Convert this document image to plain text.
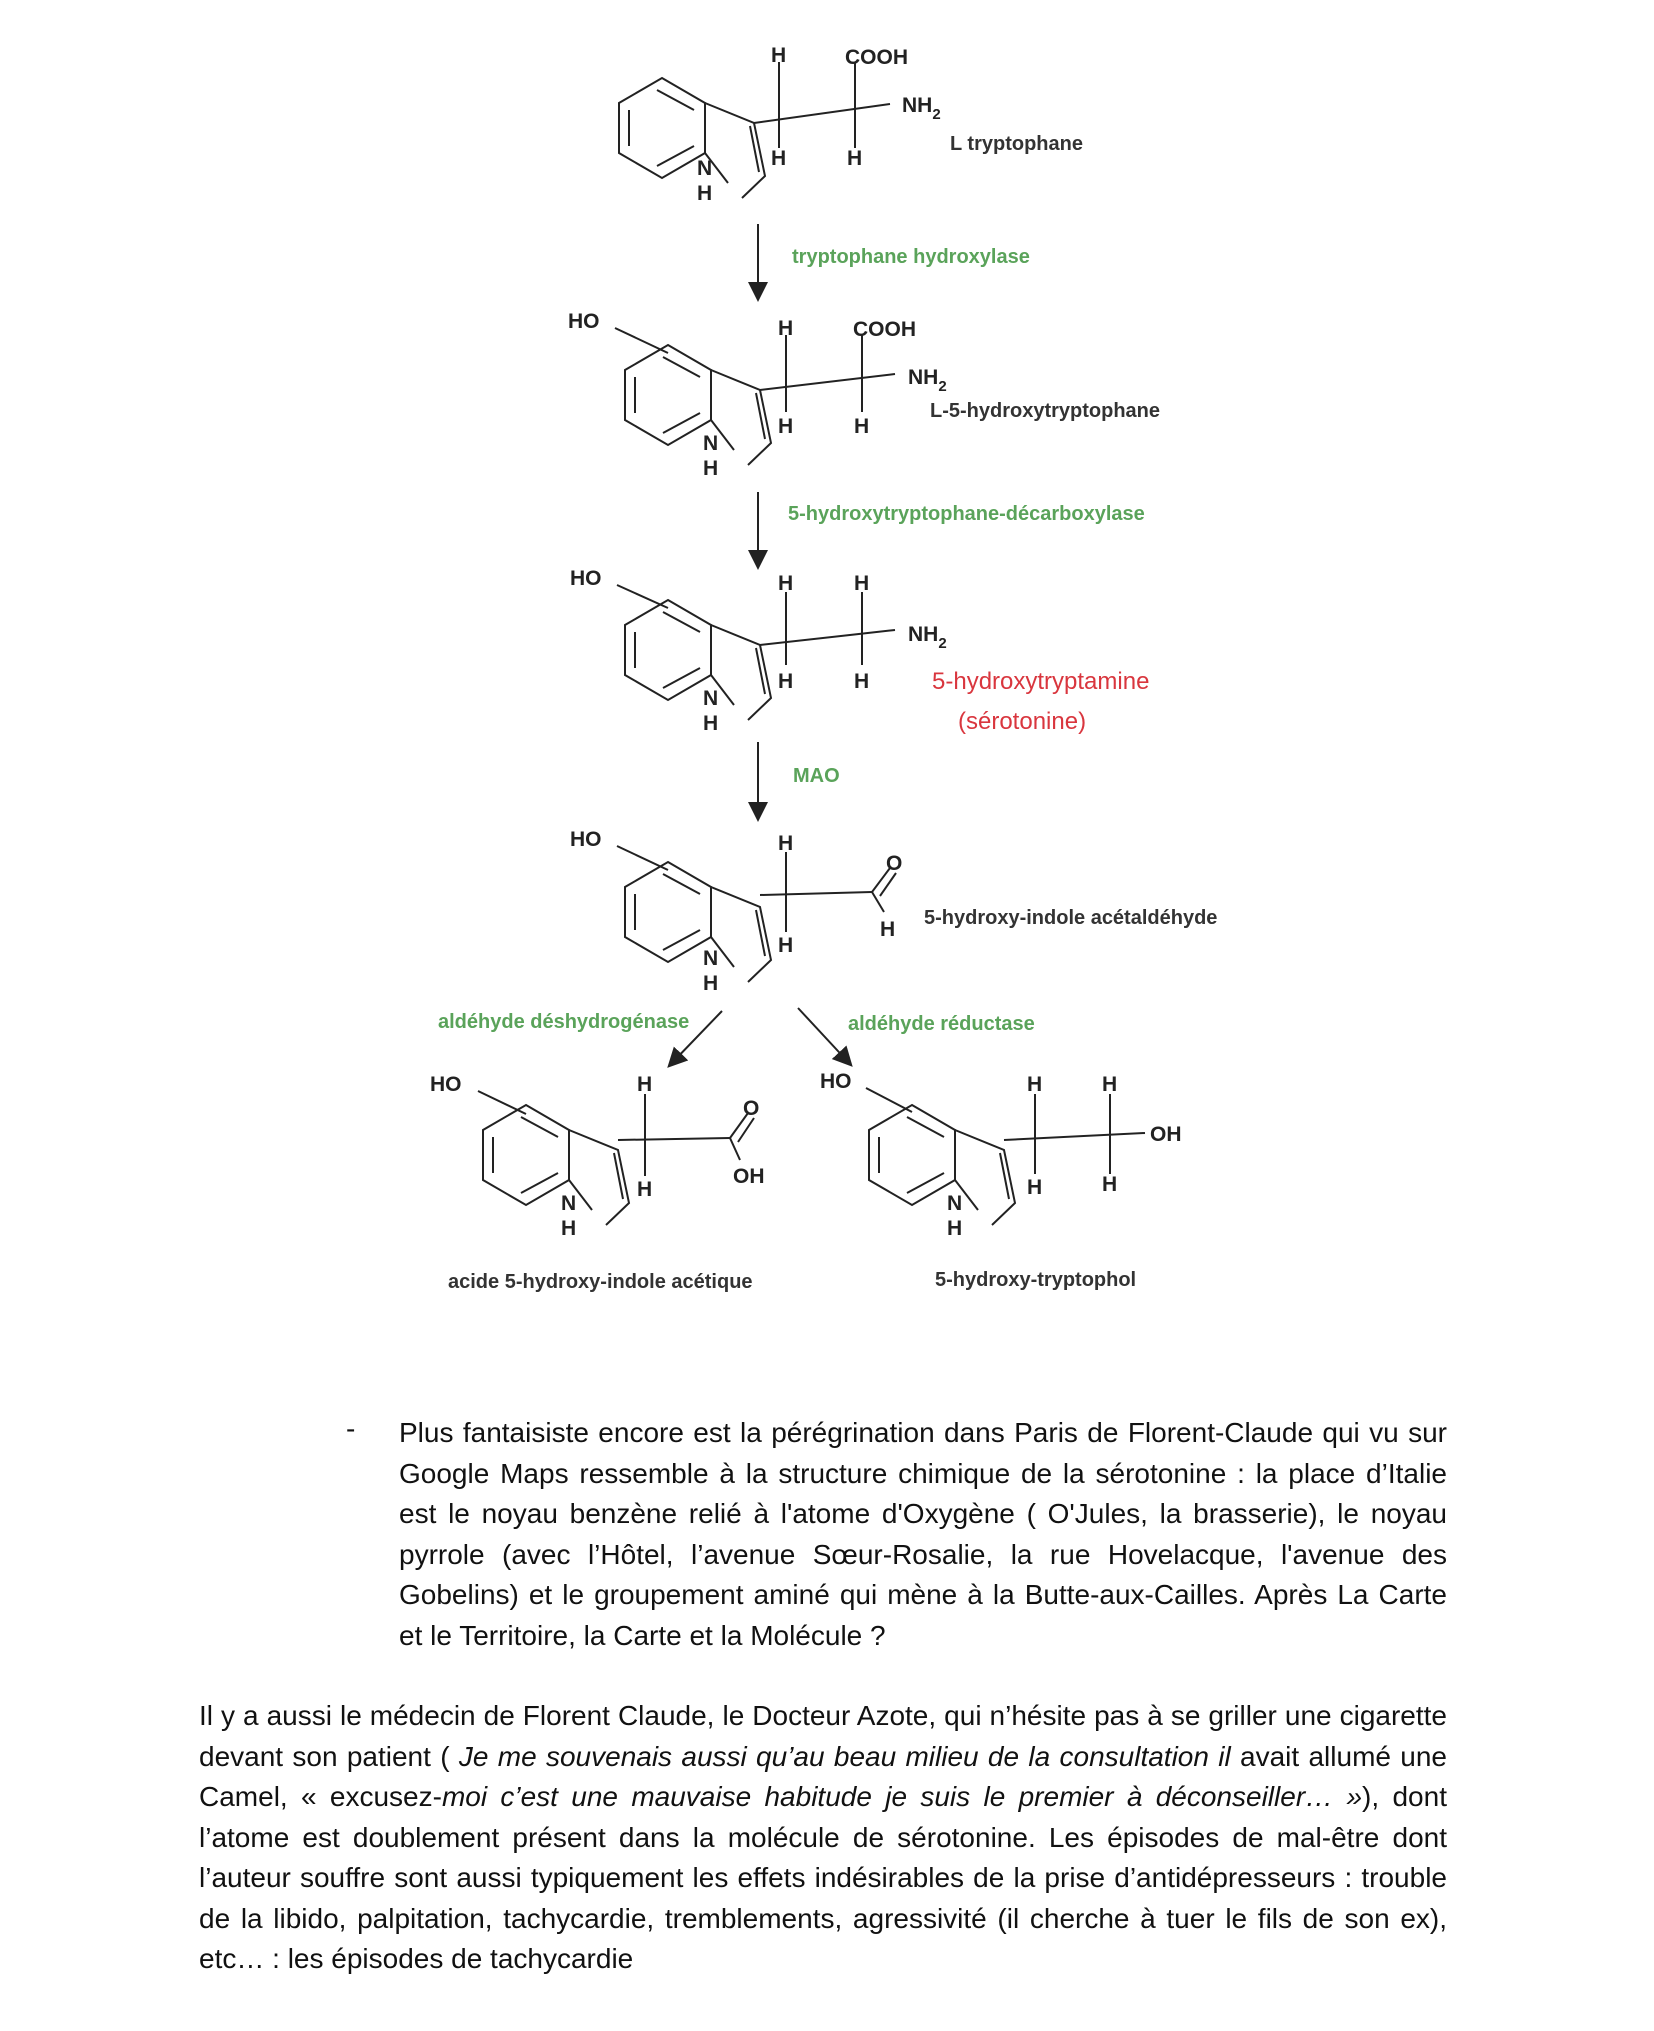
N
H
H
H	H
COOH
$NH_2$
L tryptophane
tryptophane hydroxylase
HO
N
H
H
H	H
COOH
$NH_2$
L-5-hydroxytryptophane
5-hydroxytryptophane-décarboxylase
HO
N
H
H	H
H	H
$NH_2$
5-hydroxytryptamine
(sérotonine)
MAO
HO
N
H
H
H
O
H 5-hydroxy-indole acétaldéhyde
aldéhyde déshydrogénase	aldéhyde réductase
HO
N
H
H
H
O
OH
acide 5-hydroxy-indole acétique
HO
N
H
H	H
H	H
OH
5-hydroxy-tryptophol
- Plus fantaisiste encore est la pérégrination dans Paris de Florent-Claude qui vu sur Google Maps ressemble à la structure chimique de la sérotonine : la place d’Italie est le noyau benzène relié à l'atome d'Oxygène ( O'Jules, la brasserie), le noyau pyrrole (avec l’Hôtel, l’avenue Sœur-Rosalie, la rue Hovelacque, l'avenue des Gobelins) et le groupement aminé qui mène à la Butte-aux-Cailles. Après La Carte et le Territoire, la Carte et la Molécule ?
Il y a aussi le médecin de Florent Claude, le Docteur Azote, qui n’hésite pas à se griller une cigarette devant son patient ( Je me souvenais aussi qu’au beau milieu de la consultation il avait allumé une Camel, « excusez-moi c’est une mauvaise habitude je suis le premier à déconseiller… »), dont l’atome est doublement présent dans la molécule de sérotonine. Les épisodes de mal-être dont l’auteur souffre sont aussi typiquement les effets indésirables de la prise d’antidépresseurs : trouble de la libido, palpitation, tachycardie, tremblements, agressivité (il cherche à tuer le fils de son ex), etc… : les épisodes de tachycardie
